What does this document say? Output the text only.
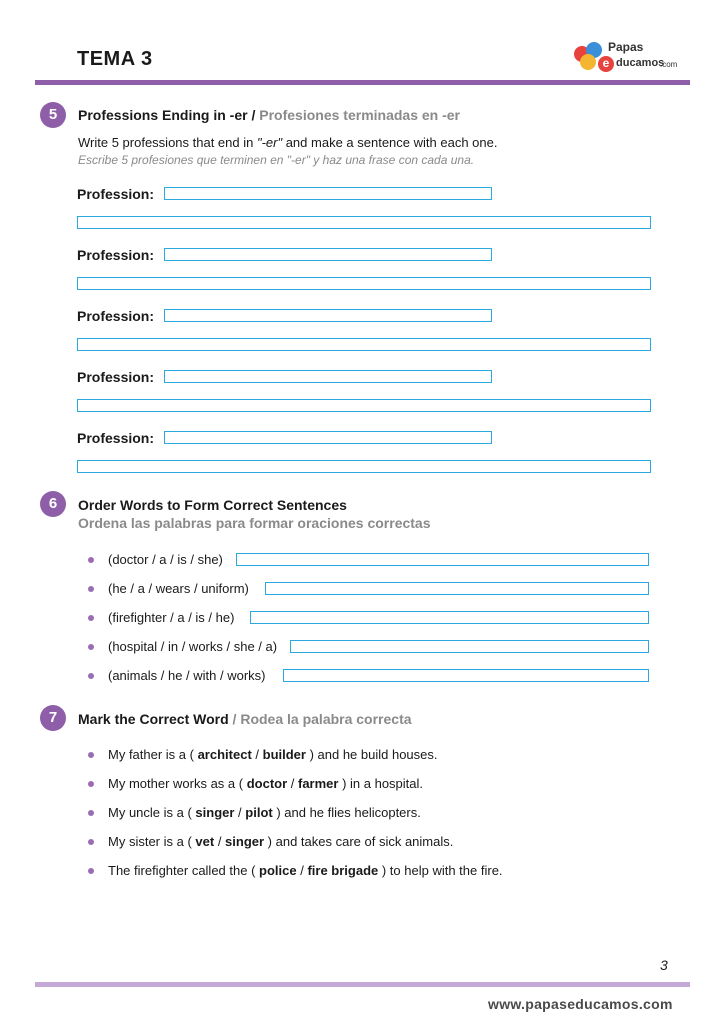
TEMA 3	e
Papas
ducamos
.com
5	Professions Ending in -er / Profesiones terminadas en -er
Write 5 professions that end in "-er" and make a sentence with each one.
Escribe 5 profesiones que terminen en "-er" y haz una frase con cada una.
Profession:
Profession:
Profession:
Profession:
Profession:
6	Order Words to Form Correct Sentences
Ordena las palabras para formar oraciones correctas
(doctor / a / is / she)
(he / a / wears / uniform)
(firefighter / a / is / he)
(hospital / in / works / she / a)
(animals / he / with / works)
7	Mark the Correct Word / Rodea la palabra correcta
My father is a ( architect / builder ) and he build houses.
My mother works as a ( doctor / farmer ) in a hospital.
My uncle is a ( singer / pilot ) and he flies helicopters.
My sister is a ( vet / singer ) and takes care of sick animals.
The firefighter called the ( police / fire brigade ) to help with the fire.
3
www.papaseducamos.com
